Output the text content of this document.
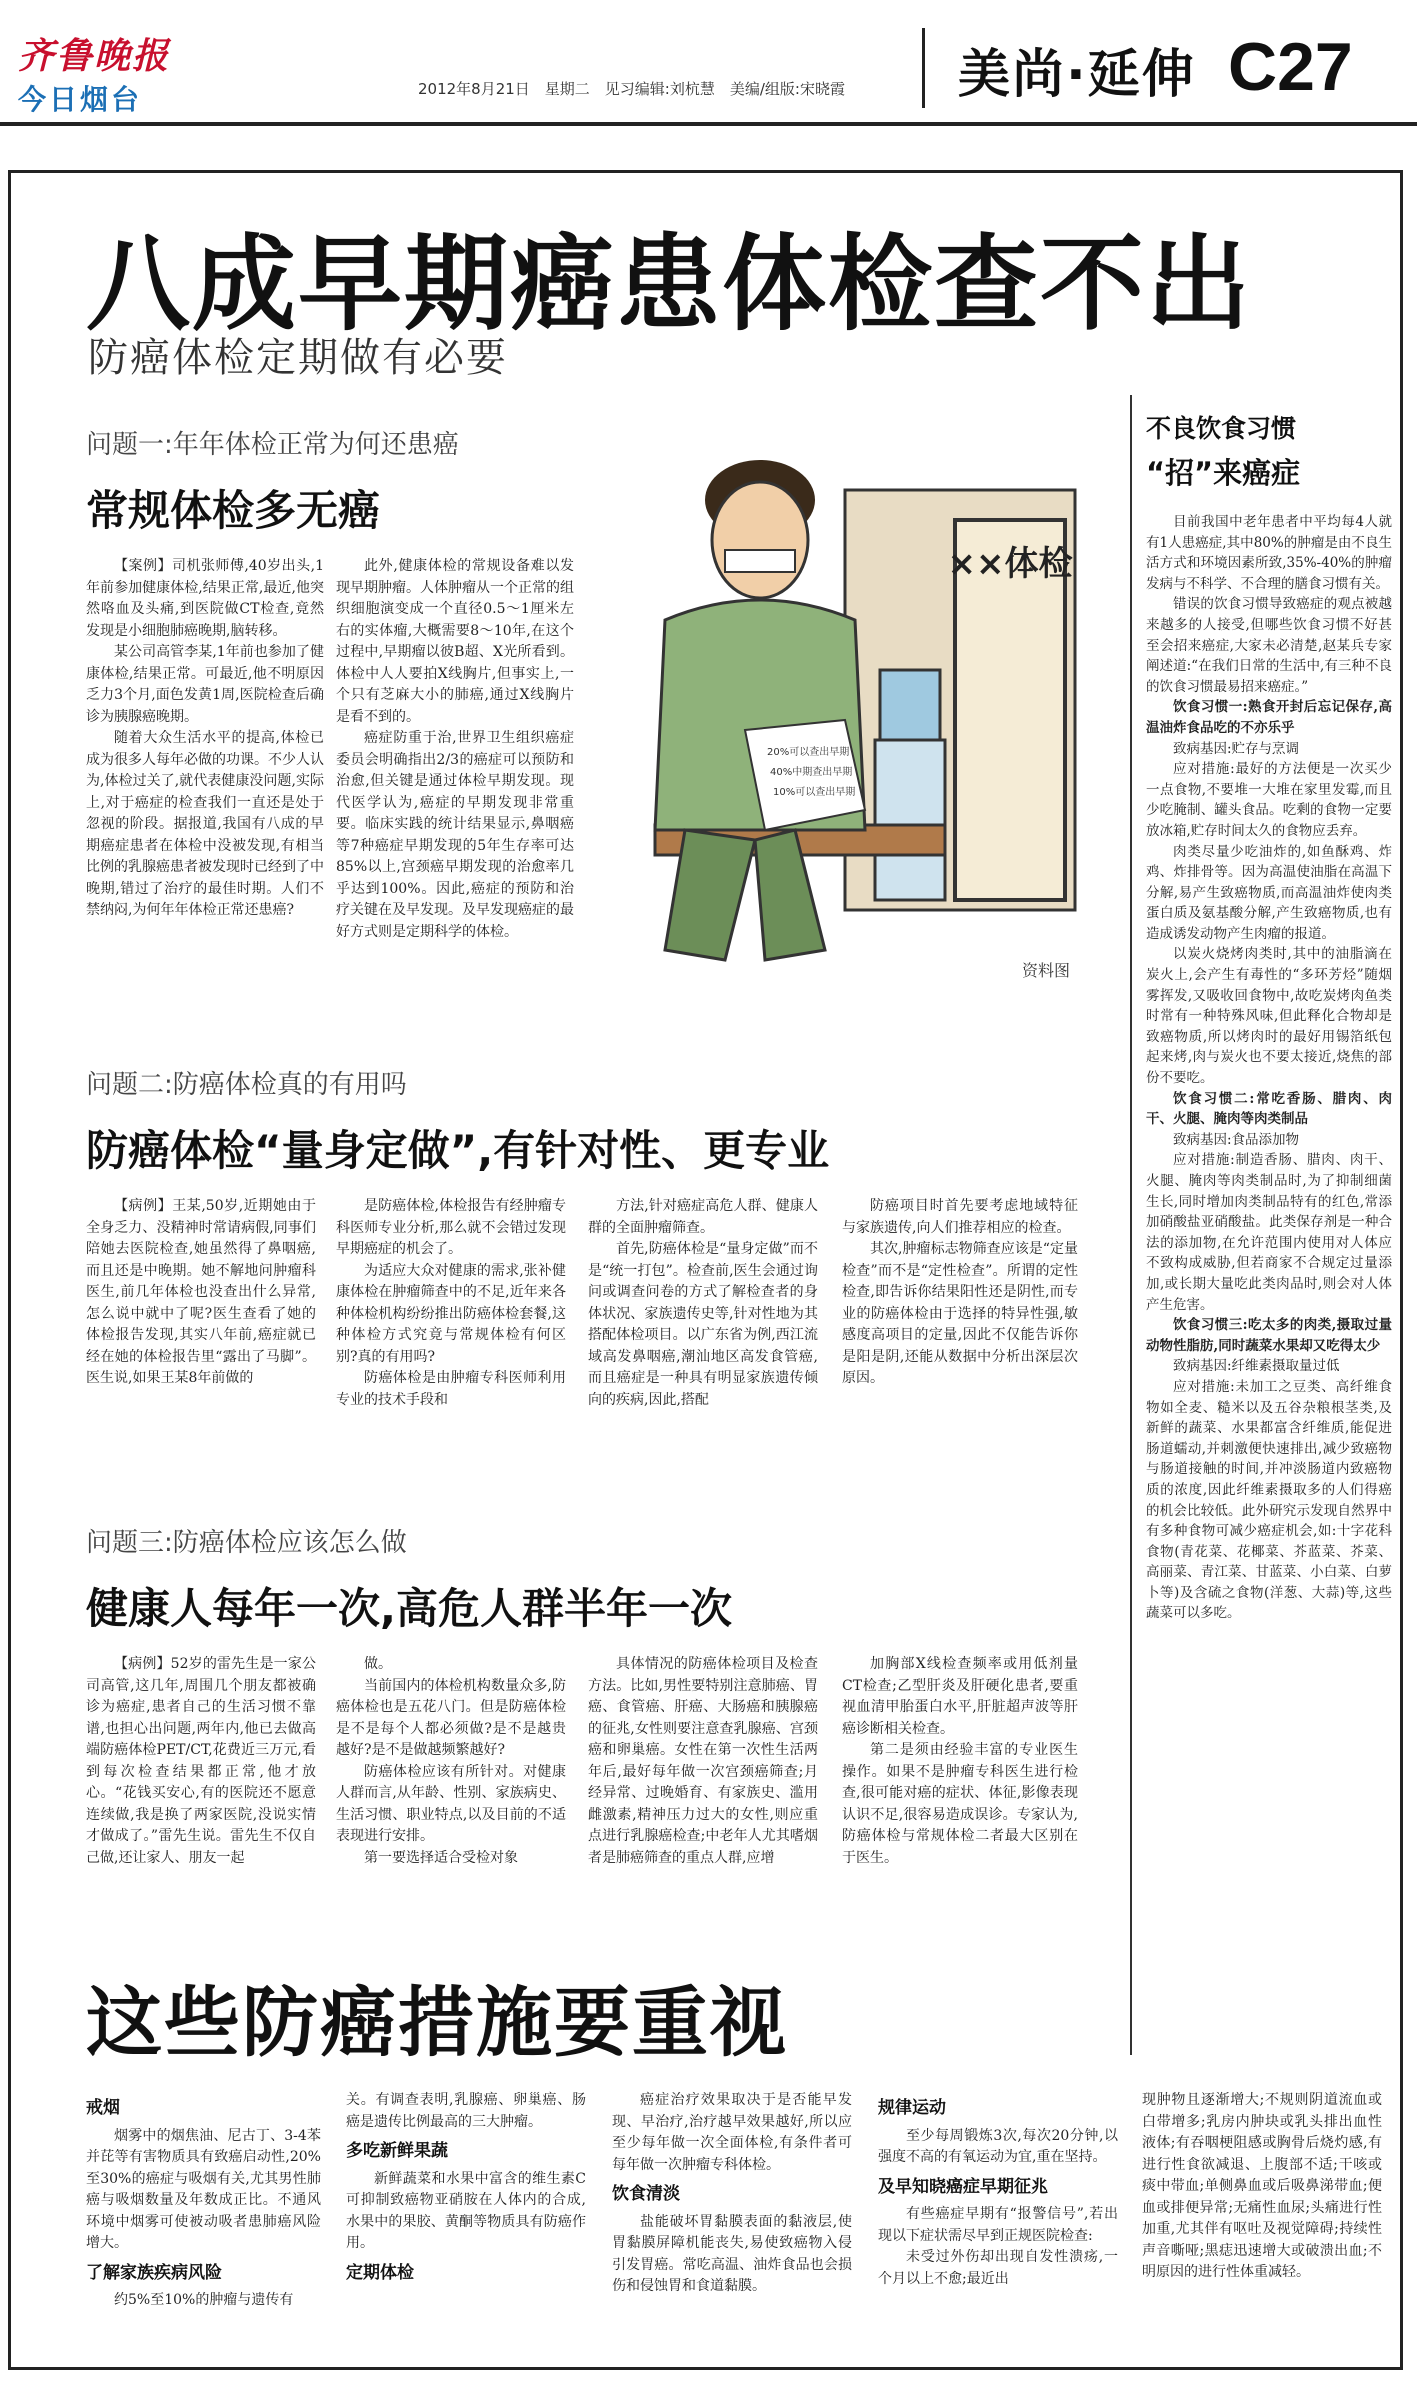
齐鲁晚报
今日烟台	2012年8月21日　星期二　见习编辑:刘杭慧　美编/组版:宋晓霞 美尚·延伸 C27
八成早期癌患体检查不出
防癌体检定期做有必要
问题一:年年体检正常为何还患癌
常规体检多无癌

【案例】司机张师傅,40岁出头,1年前参加健康体检,结果正常,最近,他突然咯血及头痛,到医院做CT检查,竟然发现是小细胞肺癌晚期,脑转移。

某公司高管李某,1年前也参加了健康体检,结果正常。可最近,他不明原因乏力3个月,面色发黄1周,医院检查后确诊为胰腺癌晚期。

随着大众生活水平的提高,体检已成为很多人每年必做的功课。不少人认为,体检过关了,就代表健康没问题,实际上,对于癌症的检查我们一直还是处于忽视的阶段。据报道,我国有八成的早期癌症患者在体检中没被发现,有相当比例的乳腺癌患者被发现时已经到了中晚期,错过了治疗的最佳时期。人们不禁纳闷,为何年年体检正常还患癌?

此外,健康体检的常规设备难以发现早期肿瘤。人体肿瘤从一个正常的组织细胞演变成一个直径0.5～1厘米左右的实体瘤,大概需要8～10年,在这个过程中,早期瘤以彼B超、X光所看到。体检中人人要拍X线胸片,但事实上,一个只有芝麻大小的肺癌,通过X线胸片是看不到的。

癌症防重于治,世界卫生组织癌症委员会明确指出2/3的癌症可以预防和治愈,但关键是通过体检早期发现。现代医学认为,癌症的早期发现非常重要。临床实践的统计结果显示,鼻咽癌等7种癌症早期发现的5年生存率可达85%以上,宫颈癌早期发现的治愈率几乎达到100%。因此,癌症的预防和治疗关键在及早发现。及早发现癌症的最好方式则是定期科学的体检。

××体检
20%可以查出早期 40%中期查出早期 10%可以查出早期
资料图
问题二:防癌体检真的有用吗
防癌体检“量身定做”,有针对性、更专业

【病例】王某,50岁,近期她由于全身乏力、没精神时常请病假,同事们陪她去医院检查,她虽然得了鼻咽癌,而且还是中晚期。她不解地问肿瘤科医生,前几年体检也没查出什么异常,怎么说中就中了呢?医生查看了她的体检报告发现,其实八年前,癌症就已经在她的体检报告里“露出了马脚”。医生说,如果王某8年前做的

是防癌体检,体检报告有经肿瘤专科医师专业分析,那么就不会错过发现早期癌症的机会了。

为适应大众对健康的需求,张补健康体检在肿瘤筛查中的不足,近年来各种体检机构纷纷推出防癌体检套餐,这种体检方式究竟与常规体检有何区别?真的有用吗?

防癌体检是由肿瘤专科医师利用专业的技术手段和

方法,针对癌症高危人群、健康人群的全面肿瘤筛查。

首先,防癌体检是“量身定做”而不是“统一打包”。检查前,医生会通过询问或调查问卷的方式了解检查者的身体状况、家族遗传史等,针对性地为其搭配体检项目。以广东省为例,西江流域高发鼻咽癌,潮汕地区高发食管癌,而且癌症是一种具有明显家族遗传倾向的疾病,因此,搭配

防癌项目时首先要考虑地域特征与家族遗传,向人们推荐相应的检查。

其次,肿瘤标志物筛查应该是“定量检查”而不是“定性检查”。所谓的定性检查,即告诉你结果阳性还是阴性,而专业的防癌体检由于选择的特异性强,敏感度高项目的定量,因此不仅能告诉你是阳是阴,还能从数据中分析出深层次原因。

问题三:防癌体检应该怎么做
健康人每年一次,高危人群半年一次

【病例】52岁的雷先生是一家公司高管,这几年,周围几个朋友都被确诊为癌症,患者自己的生活习惯不靠谱,也担心出问题,两年内,他已去做高端防癌体检PET/CT,花费近三万元,看到每次检查结果都正常,他才放心。“花钱买安心,有的医院还不愿意连续做,我是换了两家医院,没说实情才做成了。”雷先生说。雷先生不仅自己做,还让家人、朋友一起

做。

当前国内的体检机构数量众多,防癌体检也是五花八门。但是防癌体检是不是每个人都必须做?是不是越贵越好?是不是做越频繁越好?

防癌体检应该有所针对。对健康人群而言,从年龄、性别、家族病史、生活习惯、职业特点,以及目前的不适表现进行安排。

第一要选择适合受检对象

具体情况的防癌体检项目及检查方法。比如,男性要特别注意肺癌、胃癌、食管癌、肝癌、大肠癌和胰腺癌的征兆,女性则要注意查乳腺癌、宫颈癌和卵巢癌。女性在第一次性生活两年后,最好每年做一次宫颈癌筛查;月经异常、过晚婚育、有家族史、滥用雌激素,精神压力过大的女性,则应重点进行乳腺癌检查;中老年人尤其嗜烟者是肺癌筛查的重点人群,应增

加胸部X线检查频率或用低剂量CT检查;乙型肝炎及肝硬化患者,要重视血清甲胎蛋白水平,肝脏超声波等肝癌诊断相关检查。

第二是须由经验丰富的专业医生操作。如果不是肿瘤专科医生进行检查,很可能对癌的症状、体征,影像表现认识不足,很容易造成误诊。专家认为,防癌体检与常规体检二者最大区别在于医生。

不良饮食习惯
“招”来癌症

目前我国中老年患者中平均每4人就有1人患癌症,其中80%的肿瘤是由不良生活方式和环境因素所致,35%-40%的肿瘤发病与不科学、不合理的膳食习惯有关。

错误的饮食习惯导致癌症的观点被越来越多的人接受,但哪些饮食习惯不好甚至会招来癌症,大家未必清楚,赵某兵专家阐述道:“在我们日常的生活中,有三种不良的饮食习惯最易招来癌症。”

饮食习惯一:熟食开封后忘记保存,高温油炸食品吃的不亦乐乎

致病基因:贮存与烹调

应对措施:最好的方法便是一次买少一点食物,不要堆一大堆在家里发霉,而且少吃腌制、罐头食品。吃剩的食物一定要放冰箱,贮存时间太久的食物应丢弃。

肉类尽量少吃油炸的,如鱼酥鸡、炸鸡、炸排骨等。因为高温使油脂在高温下分解,易产生致癌物质,而高温油炸使肉类蛋白质及氨基酸分解,产生致癌物质,也有造成诱发动物产生肉瘤的报道。

以炭火烧烤肉类时,其中的油脂滴在炭火上,会产生有毒性的“多环芳烃”随烟雾挥发,又吸收回食物中,故吃炭烤肉鱼类时常有一种特殊风味,但此释化合物却是致癌物质,所以烤肉时的最好用锡箔纸包起来烤,肉与炭火也不要太接近,烧焦的部份不要吃。

饮食习惯二:常吃香肠、腊肉、肉干、火腿、腌肉等肉类制品

致病基因:食品添加物

应对措施:制造香肠、腊肉、肉干、火腿、腌肉等肉类制品时,为了抑制细菌生长,同时增加肉类制品特有的红色,常添加硝酸盐亚硝酸盐。此类保存剂是一种合法的添加物,在允许范围内使用对人体应不致构成威胁,但若商家不合规定过量添加,或长期大量吃此类肉品时,则会对人体产生危害。

饮食习惯三:吃太多的肉类,摄取过量动物性脂肪,同时蔬菜水果却又吃得太少

致病基因:纤维素摄取量过低

应对措施:未加工之豆类、高纤维食物如全麦、糙米以及五谷杂粮根茎类,及新鲜的蔬菜、水果都富含纤维质,能促进肠道蠕动,并刺激便快速排出,减少致癌物与肠道接触的时间,并冲淡肠道内致癌物质的浓度,因此纤维素摄取多的人们得癌的机会比较低。此外研究示发现自然界中有多种食物可减少癌症机会,如:十字花科食物(青花菜、花椰菜、芥蓝菜、芥菜、高丽菜、青江菜、甘蓝菜、小白菜、白萝卜等)及含硫之食物(洋葱、大蒜)等,这些蔬菜可以多吃。

这些防癌措施要重视
戒烟

烟雾中的烟焦油、尼古丁、3-4苯并芘等有害物质具有致癌启动性,20%至30%的癌症与吸烟有关,尤其男性肺癌与吸烟数量及年数成正比。不通风环境中烟雾可使被动吸者患肺癌风险增大。

了解家族疾病风险

约5%至10%的肿瘤与遗传有

关。有调查表明,乳腺癌、卵巢癌、肠癌是遗传比例最高的三大肿瘤。

多吃新鲜果蔬

新鲜蔬菜和水果中富含的维生素C可抑制致癌物亚硝胺在人体内的合成,水果中的果胶、黄酮等物质具有防癌作用。

定期体检

癌症治疗效果取决于是否能早发现、早治疗,治疗越早效果越好,所以应至少每年做一次全面体检,有条件者可每年做一次肿瘤专科体检。

饮食清淡

盐能破坏胃黏膜表面的黏液层,使胃黏膜屏障机能丧失,易使致癌物入侵引发胃癌。常吃高温、油炸食品也会损伤和侵蚀胃和食道黏膜。

规律运动

至少每周锻炼3次,每次20分钟,以强度不高的有氧运动为宜,重在坚持。

及早知晓癌症早期征兆

有些癌症早期有“报警信号”,若出现以下症状需尽早到正规医院检查:

未受过外伤却出现自发性溃疡,一个月以上不愈;最近出

现肿物且逐渐增大;不规则阴道流血或白带增多;乳房内肿块或乳头排出血性液体;有吞咽梗阻感或胸骨后烧灼感,有进行性食欲减退、上腹部不适;干咳或痰中带血;单侧鼻血或后吸鼻涕带血;便血或排便异常;无痛性血尿;头痛进行性加重,尤其伴有呕吐及视觉障碍;持续性声音嘶哑;黑痣迅速增大或破溃出血;不明原因的进行性体重减轻。
